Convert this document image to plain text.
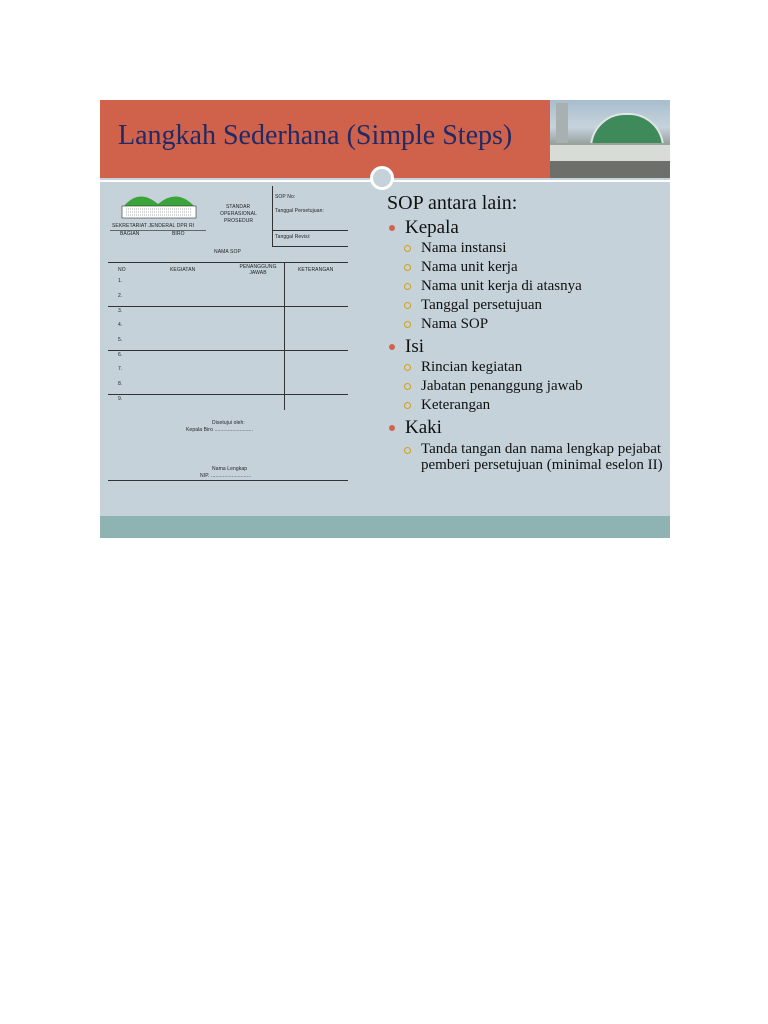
Langkah Sederhana (Simple Steps)
SEKRETARIAT JENDERAL DPR RI
BAGIAN	BIRO
STANDAR
OPERASIONAL
PROSEDUR
SOP No:
Tanggal Persetujuan:
Tanggal Revisi:
NAMA SOP
NO	KEGIATAN	PENANGGUNG JAWAB	KETERANGAN
1.
2.
3.
4.
5.
6.
7.
8.
9.
Disetujui oleh:
Kepala Biro ..........................
Nama Lengkap
NIP. ...........................
SOP antara lain:
Kepala
Nama instansi
Nama unit kerja
Nama unit kerja di atasnya
Tanggal persetujuan
Nama SOP
Isi
Rincian kegiatan
Jabatan penanggung jawab
Keterangan
Kaki
Tanda tangan dan nama lengkap pejabat pemberi persetujuan (minimal eselon II)
